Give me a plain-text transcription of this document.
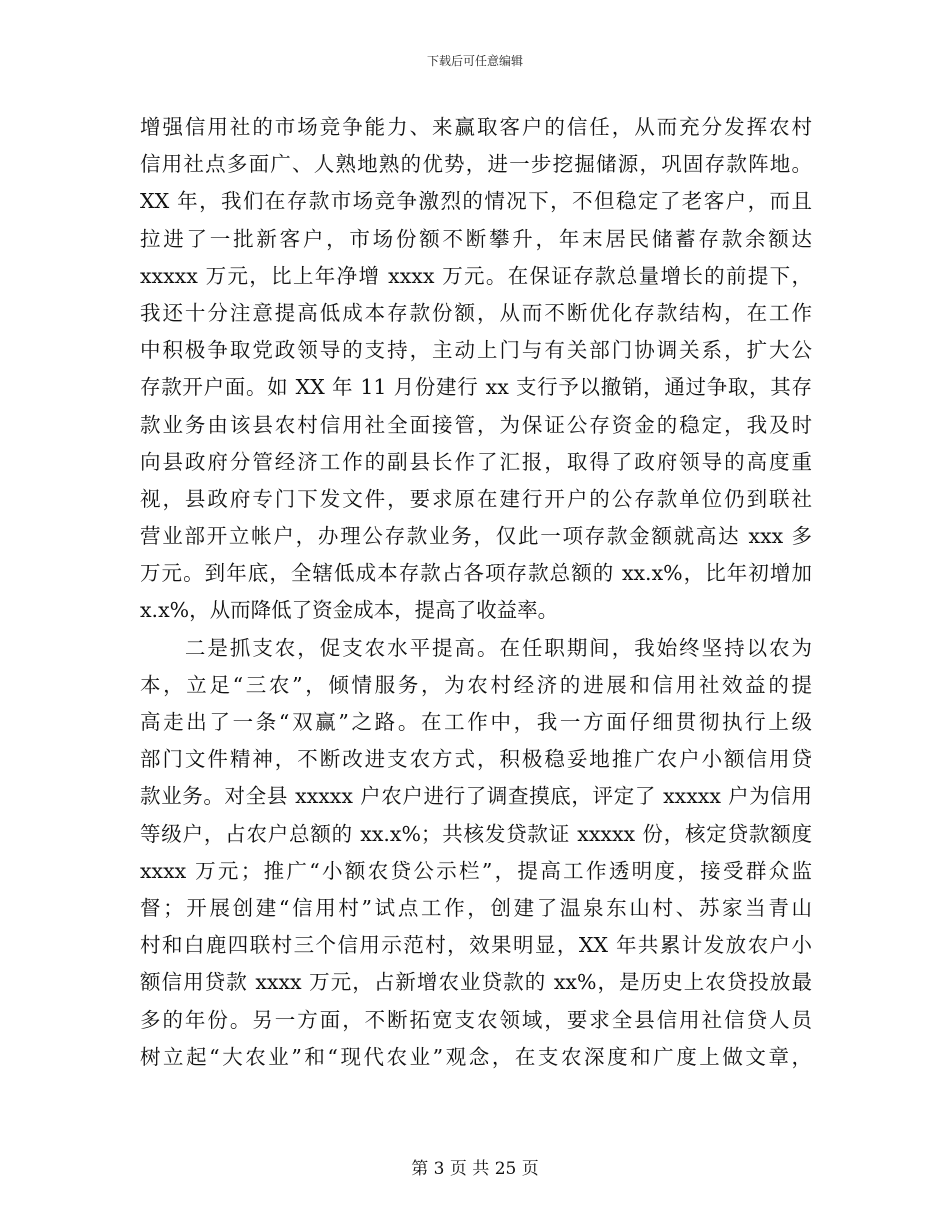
下载后可任意编辑
增强信用社的市场竞争能力、来赢取客户的信任，从而充分发挥农村
信用社点多面广、人熟地熟的优势，进一步挖掘储源，巩固存款阵地。
XX 年，我们在存款市场竞争激烈的情况下，不但稳定了老客户，而且
拉进了一批新客户，市场份额不断攀升，年末居民储蓄存款余额达
xxxxx 万元，比上年净增 xxxx 万元。在保证存款总量增长的前提下，
我还十分注意提高低成本存款份额，从而不断优化存款结构，在工作
中积极争取党政领导的支持，主动上门与有关部门协调关系，扩大公
存款开户面。如 XX 年 11 月份建行 xx 支行予以撤销，通过争取，其存
款业务由该县农村信用社全面接管，为保证公存资金的稳定，我及时
向县政府分管经济工作的副县长作了汇报，取得了政府领导的高度重
视，县政府专门下发文件，要求原在建行开户的公存款单位仍到联社
营业部开立帐户，办理公存款业务，仅此一项存款金额就高达 xxx 多
万元。到年底，全辖低成本存款占各项存款总额的 xx.x%，比年初增加
x.x%，从而降低了资金成本，提高了收益率。
　　二是抓支农，促支农水平提高。在任职期间，我始终坚持以农为
本，立足“三农”，倾情服务，为农村经济的进展和信用社效益的提
高走出了一条“双赢”之路。在工作中，我一方面仔细贯彻执行上级
部门文件精神，不断改进支农方式，积极稳妥地推广农户小额信用贷
款业务。对全县 xxxxx 户农户进行了调查摸底，评定了 xxxxx 户为信用
等级户，占农户总额的 xx.x%；共核发贷款证 xxxxx 份，核定贷款额度
xxxx 万元；推广“小额农贷公示栏”，提高工作透明度，接受群众监
督；开展创建“信用村”试点工作，创建了温泉东山村、苏家当青山
村和白鹿四联村三个信用示范村，效果明显，XX 年共累计发放农户小
额信用贷款 xxxx 万元，占新增农业贷款的 xx%，是历史上农贷投放最
多的年份。另一方面，不断拓宽支农领域，要求全县信用社信贷人员
树立起“大农业”和“现代农业”观念，在支农深度和广度上做文章，
第 3 页 共 25 页
